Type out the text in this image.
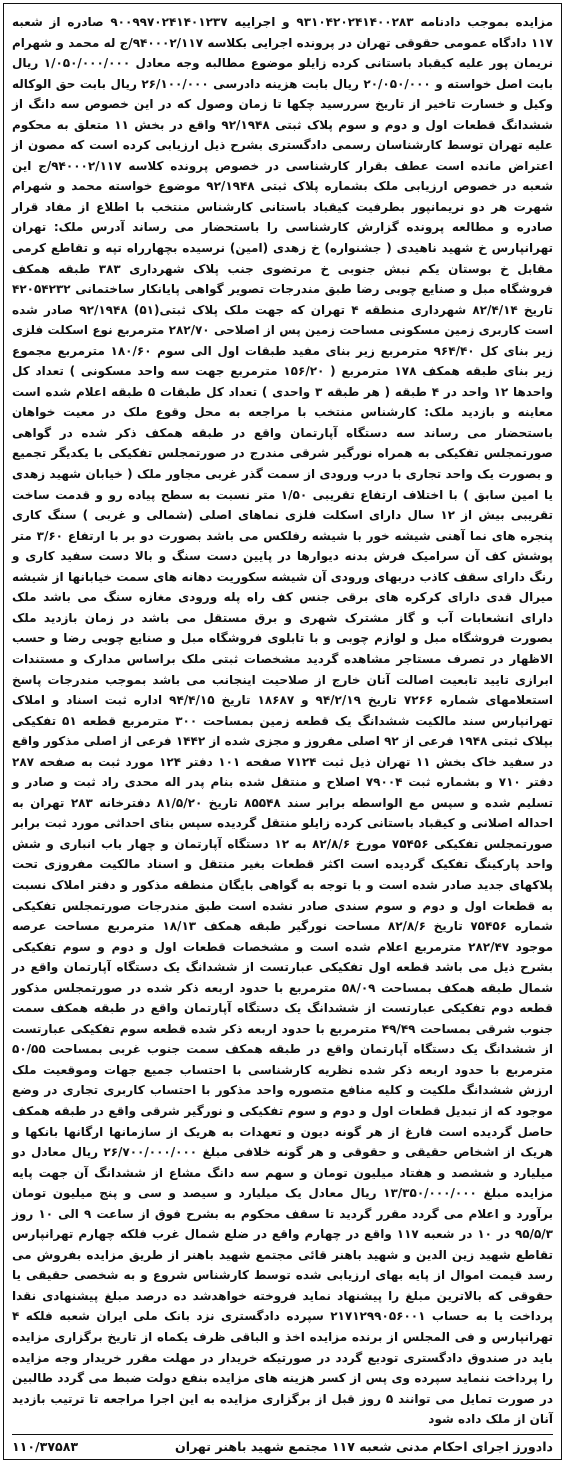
مزایده بموجب دادنامه ۹۳۱۰۴۲۰۲۴۱۴۰۰۲۸۳ و اجراییه ۹۰۰۹۹۷۰۲۴۱۴۰۱۲۳۷ صادره از شعبه ۱۱۷ دادگاه عمومی حقوقی تهران در پرونده اجرایی بکلاسه ۹۴۰۰۰۲/۱۱۷/ج له محمد و شهرام نریمان پور علیه کیقباد باستانی کرده زایلو موضوع مطالبه وجه معادل ۱/۰۵۰/۰۰۰/۰۰۰ ریال بابت اصل خواسته و ۲۰/۰۵۰/۰۰۰ ریال بابت هزینه دادرسی ۲۶/۱۰۰/۰۰۰ ریال بابت حق الوکاله وکیل و خسارت تاخیر از تاریخ سررسید چکها تا زمان وصول که در این خصوص سه دانگ از ششدانگ قطعات اول و دوم و سوم پلاک ثبتی ۹۲/۱۹۴۸ واقع در بخش ۱۱ متعلق به محکوم علیه تهران توسط کارشناسان رسمی دادگستری بشرح ذیل ارزیابی کرده است که مصون از اعتراض مانده است عطف بقرار کارشناسی در خصوص پرونده کلاسه ۹۴۰۰۰۲/۱۱۷/ج این شعبه در خصوص ارزیابی ملک بشماره پلاک ثبتی ۹۲/۱۹۴۸ موضوع خواسته محمد و شهرام شهرت هر دو نریمانپور بطرفیت کیقباد باستانی کارشناس منتخب با اطلاع از مفاد قرار صادره و مطالعه پرونده گزارش کارشناسی را باستحضار می رساند آدرس ملک: تهران تهرانپارس خ شهید ناهیدی ( جشنواره) خ زهدی (امین) نرسیده بچهارراه تپه و تقاطع کرمی مقابل خ بوستان یکم نبش جنوبی خ مرتضوی جنب پلاک شهرداری ۳۸۳ طبقه همکف فروشگاه مبل و صنایع چوبی رضا طبق مندرجات تصویر گواهی پایانکار ساختمانی ۴۲۰۵۴۲۳۲ تاریخ ۸۲/۴/۱۴ شهرداری منطقه ۴ تهران که جهت ملک پلاک ثبتی(۵۱) ۹۲/۱۹۴۸ صادر شده است کاربری زمین مسکونی مساحت زمین پس از اصلاحی ۲۸۲/۷۰ مترمربع نوع اسکلت فلزی زیر بنای کل ۹۶۴/۴۰ مترمربع زیر بنای مفید طبقات اول الی سوم ۱۸۰/۶۰ مترمربع مجموع زیر بنای طبقه همکف ۱۷۸ مترمربع ( ۱۵۶/۲۰ مترمربع جهت سه واحد مسکونی ) تعداد کل واحدها ۱۲ واحد در ۴ طبقه ( هر طبقه ۳ واحدی ) تعداد کل طبقات ۵ طبقه اعلام شده است معاینه و بازدید ملک: کارشناس منتخب با مراجعه به محل وقوع ملک در معیت خواهان باستحضار می رساند سه دستگاه آپارتمان واقع در طبقه همکف ذکر شده در گواهی صورتمجلس تفکیکی به همراه نورگیر شرقی مندرج در صورتمجلس تفکیکی با یکدیگر تجمیع و بصورت یک واحد تجاری با درب ورودی از سمت گذر غربی مجاور ملک ( خیابان شهید زهدی یا امین سابق ) با اختلاف ارتفاع تقریبی ۱/۵۰ متر نسبت به سطح پیاده رو و قدمت ساخت تقریبی بیش از ۱۲ سال دارای اسکلت فلزی نماهای اصلی (شمالی و غربی ) سنگ کاری پنجره های نما آهنی شیشه خور با شیشه رفلکس می باشد بصورت دو بر با ارتفاع ۳/۶۰ متر پوشش کف آن سرامیک فرش بدنه دیوارها در پایین دست سنگ و بالا دست سفید کاری و رنگ دارای سقف کاذب دربهای ورودی آن شیشه سکوریت دهانه های سمت خیابانها از شیشه میرال قدی دارای کرکره های برقی جنس کف راه پله ورودی مغازه سنگ می باشد ملک دارای انشعابات آب و گاز مشترک شهری و برق مستقل می باشد در زمان بازدید ملک بصورت فروشگاه مبل و لوازم چوبی و با تابلوی فروشگاه مبل و صنایع چوبی رضا و حسب الاظهار در تصرف مستاجر مشاهده گردید مشخصات ثبتی ملک براساس مدارک و مستندات ابرازی تایید تابعیت اصالت آنان خارج از صلاحیت اینجانب می باشد بموجب مندرجات پاسخ استعلامهای شماره ۷۲۶۶ تاریخ ۹۴/۲/۱۹ و ۱۸۶۸۷ تاریخ ۹۴/۴/۱۵ اداره ثبت اسناد و املاک تهرانپارس سند مالکیت ششدانگ یک قطعه زمین بمساحت ۳۰۰ مترمربع قطعه ۵۱ تفکیکی بپلاک ثبتی ۱۹۴۸ فرعی از ۹۲ اصلی مفروز و مجزی شده از ۱۴۴۲ فرعی از اصلی مذکور واقع در سفید خاک بخش ۱۱ تهران ذیل ثبت ۷۱۲۴ صفحه ۱۰۱ دفتر ۱۲۴ مورد ثبت به صفحه ۲۸۷ دفتر ۷۱۰ و بشماره ثبت ۷۹۰۰۴ اصلاح و منتقل شده بنام پدر اله محدی راد ثبت و صادر و تسلیم شده و سپس مع الواسطه برابر سند ۸۵۵۴۸ تاریخ ۸۱/۵/۲۰ دفترخانه ۲۸۳ تهران به احداله اصلانی و کیقباد باستانی کرده زایلو منتقل گردیده سپس بنای احداثی مورد ثبت برابر صورتمجلس تفکیکی ۷۵۴۵۶ مورخ ۸۲/۸/۶ به ۱۲ دستگاه آپارتمان و چهار باب انباری و شش واحد پارکینگ تفکیک گردیده است اکثر قطعات بغیر منتقل و اسناد مالکیت مفروزی تحت پلاکهای جدید صادر شده است و با توجه به گواهی بایگان منطقه مذکور و دفتر املاک نسبت به قطعات اول و دوم و سوم سندی صادر نشده است طبق مندرجات صورتمجلس تفکیکی شماره ۷۵۴۵۶ تاریخ ۸۲/۸/۶ مساحت نورگیر طبقه همکف ۱۸/۱۳ مترمربع مساحت عرصه موجود ۲۸۲/۴۷ مترمربع اعلام شده است و مشخصات قطعات اول و دوم و سوم تفکیکی بشرح ذیل می باشد قطعه اول تفکیکی عبارتست از ششدانگ یک دستگاه آپارتمان واقع در شمال طبقه همکف بمساحت ۵۸/۰۹ مترمربع با حدود اربعه ذکر شده در صورتمجلس مذکور قطعه دوم تفکیکی عبارتست از ششدانگ یک دستگاه آپارتمان واقع در طبقه همکف سمت جنوب شرقی بمساحت ۴۹/۴۹ مترمربع با حدود اربعه ذکر شده قطعه سوم تفکیکی عبارتست از ششدانگ یک دستگاه آپارتمان واقع در طبقه همکف سمت جنوب غربی بمساحت ۵۰/۵۵ مترمربع با حدود اربعه ذکر شده نظریه کارشناسی با احتساب جمیع جهات وموقعیت ملک ارزش ششدانگ ملکیت و کلیه منافع متصوره واحد مذکور با احتساب کاربری تجاری در وضع موجود که از تبدیل قطعات اول و دوم و سوم تفکیکی و نورگیر شرقی واقع در طبقه همکف حاصل گردیده است فارغ از هر گونه دیون و تعهدات به هریک از سازمانها ارگانها بانکها و هریک از اشخاص حقیقی و حقوقی و هر گونه خلافی مبلغ ۲۶/۷۰۰/۰۰۰/۰۰۰ ریال معادل دو میلیارد و ششصد و هفتاد میلیون تومان و سهم سه دانگ مشاع از ششدانگ آن جهت پایه مزایده مبلغ ۱۳/۳۵۰/۰۰۰/۰۰۰ ریال معادل یک میلیارد و سیصد و سی و پنج میلیون تومان برآورد و اعلام می گردد مقرر گردید تا سقف محکوم به بشرح فوق از ساعت ۹ الی ۱۰ روز ۹۵/۵/۳ در ۱۰ در شعبه ۱۱۷ واقع در چهارم واقع در ضلع شمال غرب فلکه چهارم تهرانپارس تقاطع شهید زین الدین و شهید باهنر قائی مجتمع شهید باهنر از طریق مزایده بفروش می رسد قیمت اموال از پایه بهای ارزیابی شده توسط کارشناس شروع و به شخصی حقیقی یا حقوقی که بالاترین مبلغ را پیشنهاد نماید فروخته خواهدشد ده درصد مبلغ پیشنهادی نقدا پرداخت یا به حساب ۲۱۷۱۲۹۹۰۵۶۰۰۱ سپرده دادگستری نزد بانک ملی ایران شعبه فلکه ۴ تهرانپارس و فی المجلس از برنده مزایده اخذ و الباقی ظرف یکماه از تاریخ برگزاری مزایده باید در صندوق دادگستری تودیع گردد در صورتیکه خریدار در مهلت مقرر خریدار وجه مزایده را پرداخت ننماید سپرده وی پس از کسر هزینه های مزایده بنفع دولت ضبط می گردد طالبین در صورت تمایل می توانند ۵ روز قبل از برگزاری مزایده به این اجرا مراجعه تا ترتیب بازدید آنان از ملک داده شود

دادورز اجرای احکام مدنی شعبه ۱۱۷ مجتمع شهید باهنر تهران
۱۱۰/۳۷۵۸۳
